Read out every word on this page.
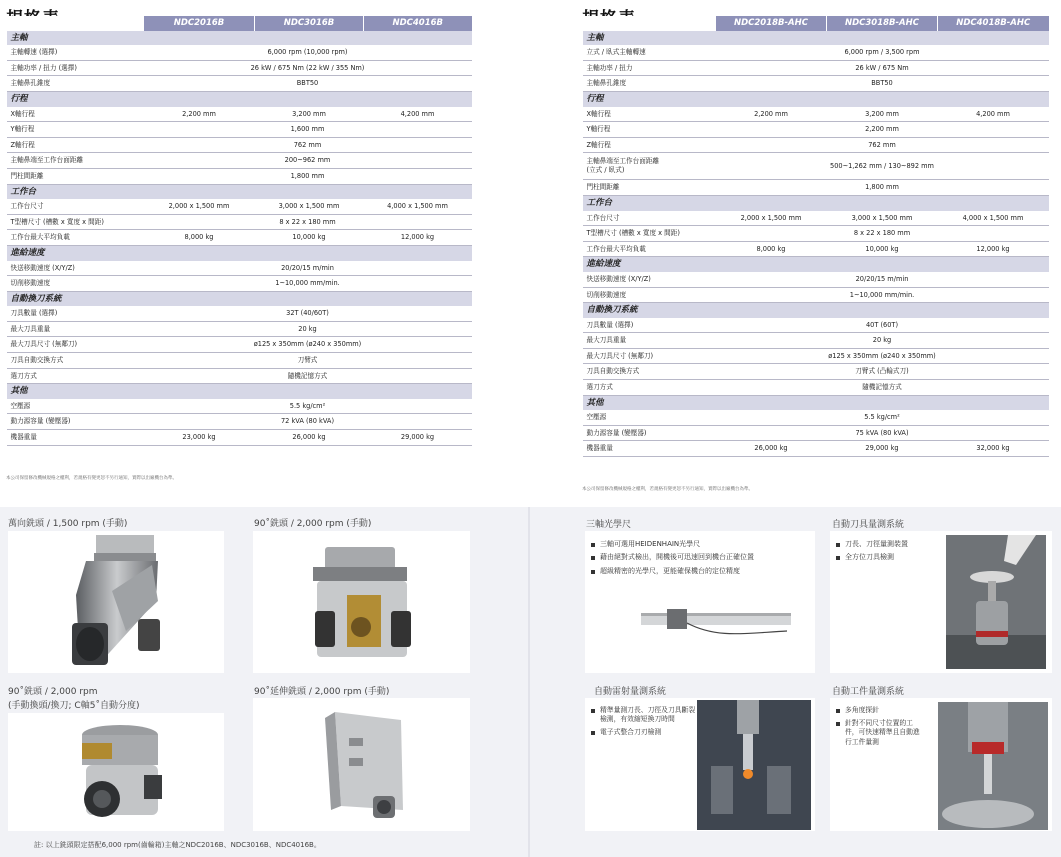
	NDC2016B	NDC3016B	NDC4016B
主軸			
主軸轉速 (選擇)	6,000 rpm (10,000 rpm)		
主軸功率 / 扭力 (選擇)	26 kW / 675 Nm (22 kW / 355 Nm)		
主軸鼻孔錐度	BBT50		
行程			
X軸行程	2,200 mm	3,200 mm	4,200 mm
Y軸行程	1,600 mm		
Z軸行程	762 mm		
主軸鼻端至工作台面距離	200~962 mm		
門柱間距離	1,800 mm		
工作台			
工作台尺寸	2,000 x 1,500 mm	3,000 x 1,500 mm	4,000 x 1,500 mm
T型槽尺寸 (槽數 x 寬度 x 間距)	8 x 22 x 180 mm		
工作台最大平均負載	8,000 kg	10,000 kg	12,000 kg
進給速度			
快送移動速度 (X/Y/Z)	20/20/15 m/min		
切削移動速度	1~10,000 mm/min.		
自動換刀系統			
刀具數量 (選擇)	32T (40/60T)		
最大刀具重量	20 kg		
最大刀具尺寸 (無鄰刀)	ø125 x 350mm (ø240 x 350mm)		
刀具自動交換方式	刀臂式		
選刀方式	隨機記憶方式		
其他			
空壓源	5.5 kg/cm²		
動力源容量 (變壓器)	72 kVA (80 kVA)		
機器重量	23,000 kg	26,000 kg	29,000 kg
本公司保留修改機械規格之權利，若規格有變更恕不另行通知，實際以出廠機台為準。
	NDC2018B-AHC	NDC3018B-AHC	NDC4018B-AHC
主軸			
立式 / 臥式主軸轉速	6,000 rpm / 3,500 rpm		
主軸功率 / 扭力	26 kW / 675 Nm		
主軸鼻孔錐度	BBT50		
行程			
X軸行程	2,200 mm	3,200 mm	4,200 mm
Y軸行程	2,200 mm		
Z軸行程	762 mm		
主軸鼻端至工作台面距離
(立式 / 臥式)	500~1,262 mm / 130~892 mm		
門柱間距離	1,800 mm		
工作台			
工作台尺寸	2,000 x 1,500 mm	3,000 x 1,500 mm	4,000 x 1,500 mm
T型槽尺寸 (槽數 x 寬度 x 間距)	8 x 22 x 180 mm		
工作台最大平均負載	8,000 kg	10,000 kg	12,000 kg
進給速度			
快送移動速度 (X/Y/Z)	20/20/15 m/min		
切削移動速度	1~10,000 mm/min.		
自動換刀系統			
刀具數量 (選擇)	40T (60T)		
最大刀具重量	20 kg		
最大刀具尺寸 (無鄰刀)	ø125 x 350mm (ø240 x 350mm)		
刀具自動交換方式	刀臂式 (凸輪式刀)		
選刀方式	隨機記憶方式		
其他			
空壓源	5.5 kg/cm²		
動力源容量 (變壓器)	75 kVA (80 kVA)		
機器重量	26,000 kg	29,000 kg	32,000 kg
本公司保留修改機械規格之權利，若規格有變更恕不另行通知，實際以出廠機台為準。
萬向銑頭 / 1,500 rpm (手動)	90˚銑頭 / 2,000 rpm (手動)
90˚銑頭 / 2,000 rpm
(手動換頭/換刀; C軸5˚自動分度)
90˚延伸銑頭 / 2,000 rpm (手動)
註: 以上銑頭限定搭配6,000 rpm(齒輪箱)主軸之NDC2016B、NDC3016B、NDC4016B。
三軸光學尺
三軸可選用HEIDENHAIN光學尺
藉由絕對式檢出，開機後可迅速回到機台正確位置
超級精密的光學尺，更能確保機台的定位精度
自動刀具量測系統
刀長、刀徑量測裝置
全方位刀具檢測
自動雷射量測系統
精準量測刀長、刀徑及刀具斷裂檢測，有效縮短換刀時間
電子式整合刀刃檢測
自動工件量測系統
多角度探針
針對不同尺寸位置的工件，可快速精準且自動進行工件量測
